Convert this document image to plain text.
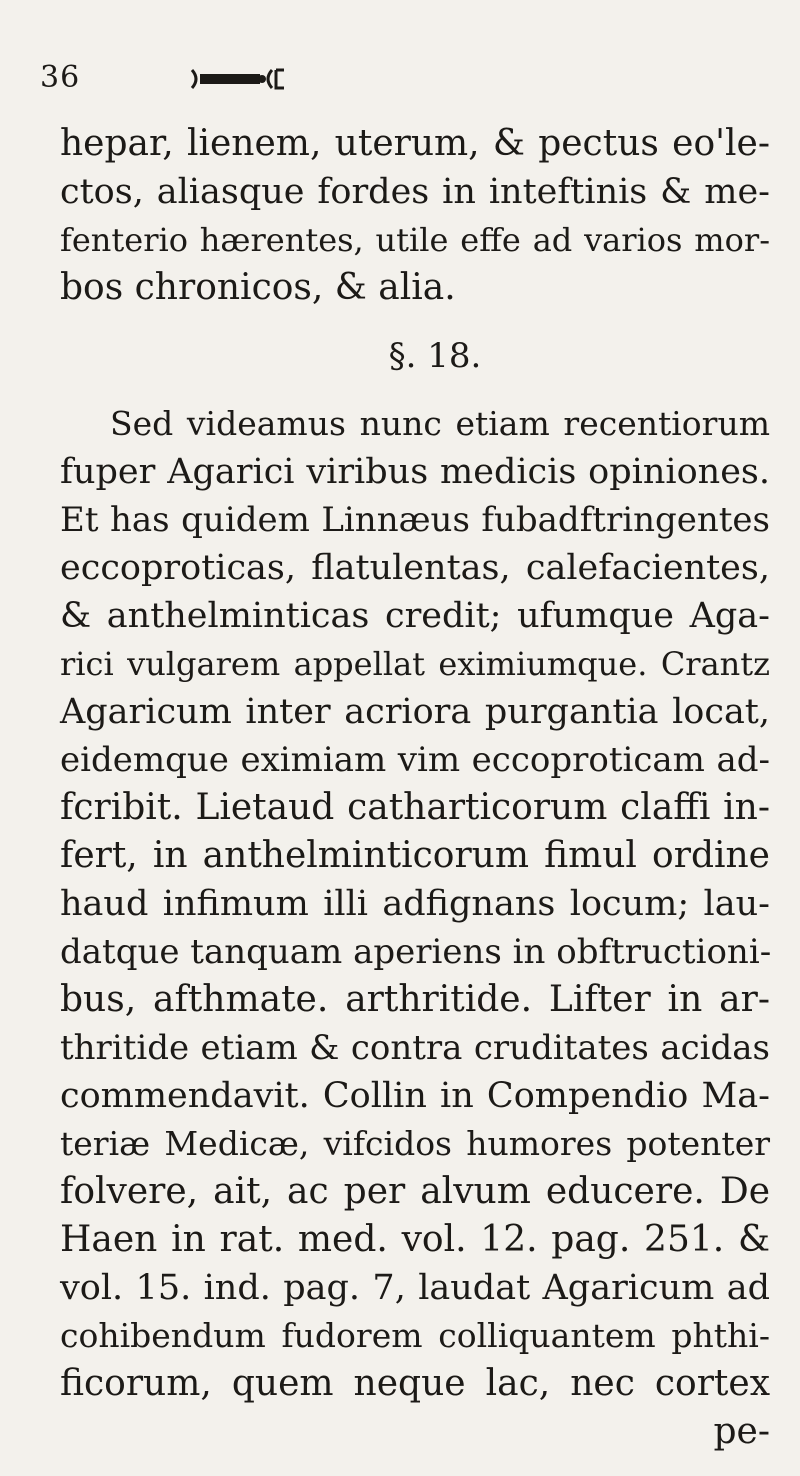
36
hepar, lienem, uterum, & pectus eo'le-
ctos, aliasque fordes in inteftinis & me-
fenterio hærentes, utile effe ad varios mor-
bos chronicos, & alia.
§. 18.
Sed videamus nunc etiam recentiorum
fuper Agarici viribus medicis opiniones.
Et has quidem Linnæus fubadftringentes
eccoproticas, flatulentas, calefacientes,
& anthelminticas credit; ufumque Aga-
rici vulgarem appellat eximiumque. Crantz
Agaricum inter acriora purgantia locat,
eidemque eximiam vim eccoproticam ad-
fcribit. Lietaud catharticorum claffi in-
fert, in anthelminticorum fimul ordine
haud infimum illi adfignans locum; lau-
datque tanquam aperiens in obftructioni-
bus, afthmate. arthritide. Lifter in ar-
thritide etiam & contra cruditates acidas
commendavit. Collin in Compendio Ma-
teriæ Medicæ, vifcidos humores potenter
folvere, ait, ac per alvum educere. De
Haen in rat. med. vol. 12. pag. 251. &
vol. 15. ind. pag. 7, laudat Agaricum ad
cohibendum fudorem colliquantem phthi-
ficorum, quem neque lac, nec cortex
pe-
